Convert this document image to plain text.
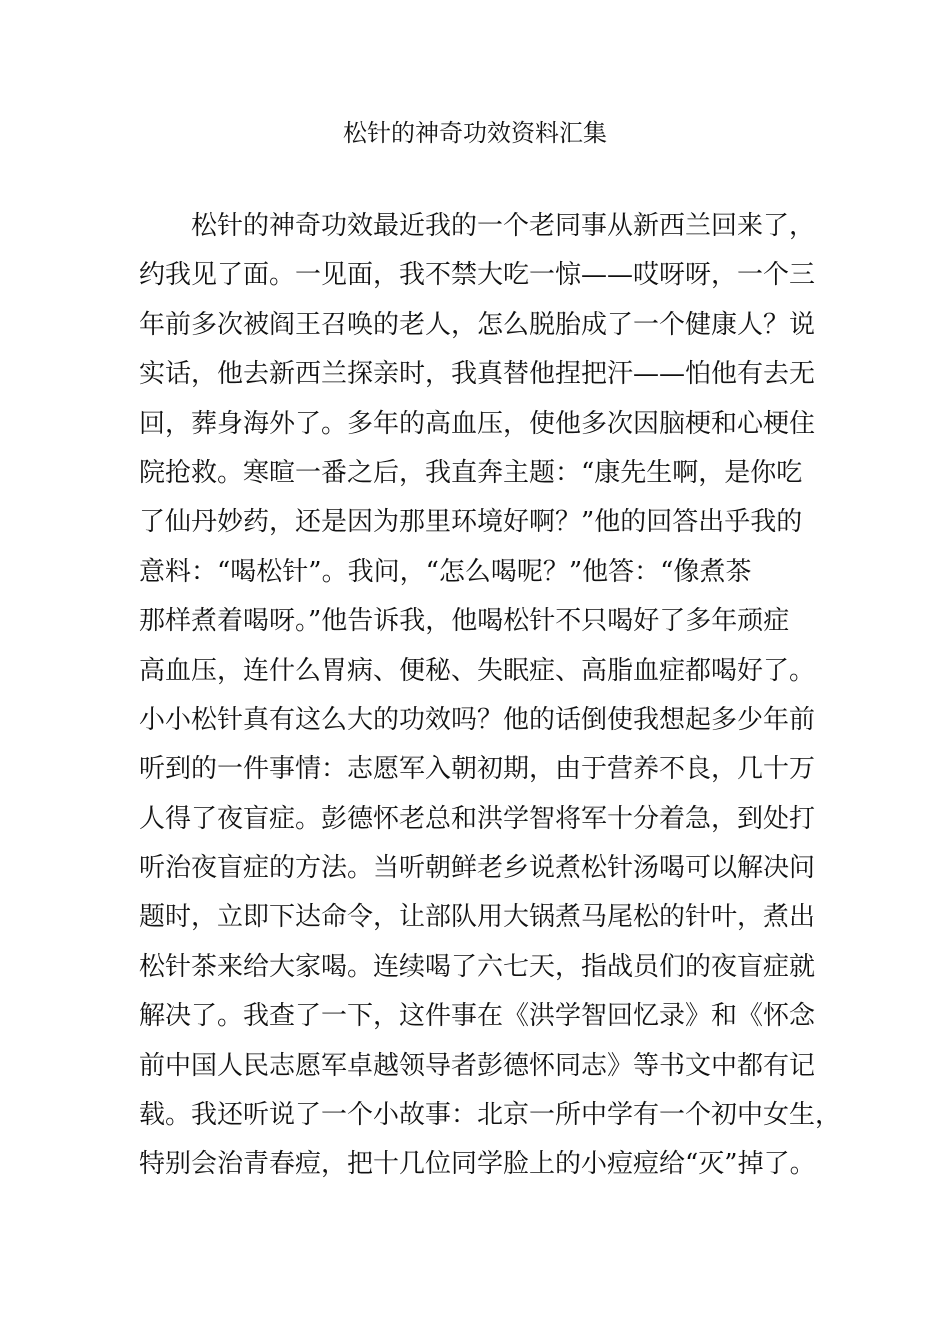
松针的神奇功效资料汇集
松针的神奇功效最近我的一个老同事从新西兰回来了，
约我见了面。一见面，我不禁大吃一惊——哎呀呀，一个三
年前多次被阎王召唤的老人，怎么脱胎成了一个健康人？说
实话，他去新西兰探亲时，我真替他捏把汗——怕他有去无
回，葬身海外了。多年的高血压，使他多次因脑梗和心梗住
院抢救。寒暄一番之后，我直奔主题：“康先生啊，是你吃
了仙丹妙药，还是因为那里环境好啊？”他的回答出乎我的
意料：“喝松针”。我问，“怎么喝呢？”他答：“像煮茶
那样煮着喝呀。”他告诉我，他喝松针不只喝好了多年顽症
高血压，连什么胃病、便秘、失眠症、高脂血症都喝好了。
小小松针真有这么大的功效吗？他的话倒使我想起多少年前
听到的一件事情：志愿军入朝初期，由于营养不良，几十万
人得了夜盲症。彭德怀老总和洪学智将军十分着急，到处打
听治夜盲症的方法。当听朝鲜老乡说煮松针汤喝可以解决问
题时，立即下达命令，让部队用大锅煮马尾松的针叶，煮出
松针茶来给大家喝。连续喝了六七天，指战员们的夜盲症就
解决了。我查了一下，这件事在《洪学智回忆录》和《怀念
前中国人民志愿军卓越领导者彭德怀同志》等书文中都有记
载。我还听说了一个小故事：北京一所中学有一个初中女生，
特别会治青春痘，把十几位同学脸上的小痘痘给“灭”掉了。
